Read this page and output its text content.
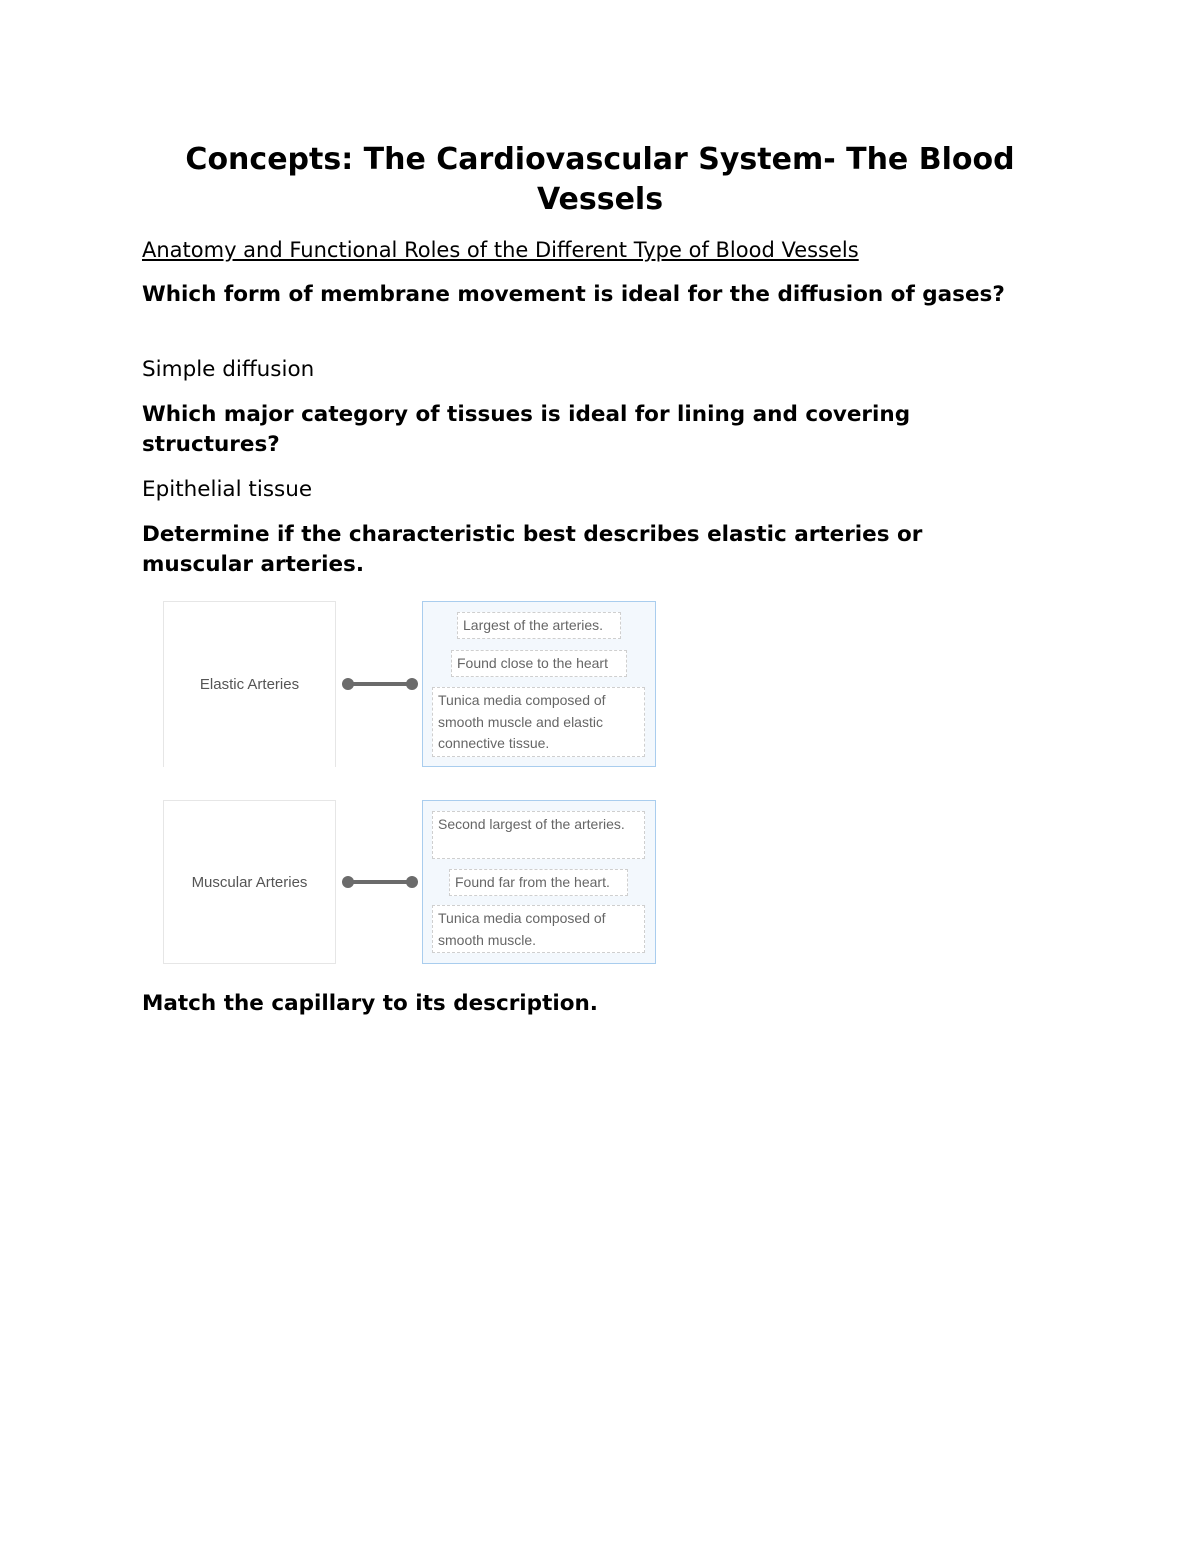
Concepts: The Cardiovascular System- The Blood Vessels

Anatomy and Functional Roles of the Different Type of Blood Vessels

Which form of membrane movement is ideal for the diffusion of gases?

Simple diffusion

Which major category of tissues is ideal for lining and covering structures?

Epithelial tissue

Determine if the characteristic best describes elastic arteries or muscular arteries.

Elastic Arteries
Largest of the arteries.
Found close to the heart
Tunica media composed of smooth muscle and elastic connective tissue.
Muscular Arteries
Second largest of the arteries.
Found far from the heart.
Tunica media composed of smooth muscle.

Match the capillary to its description.
